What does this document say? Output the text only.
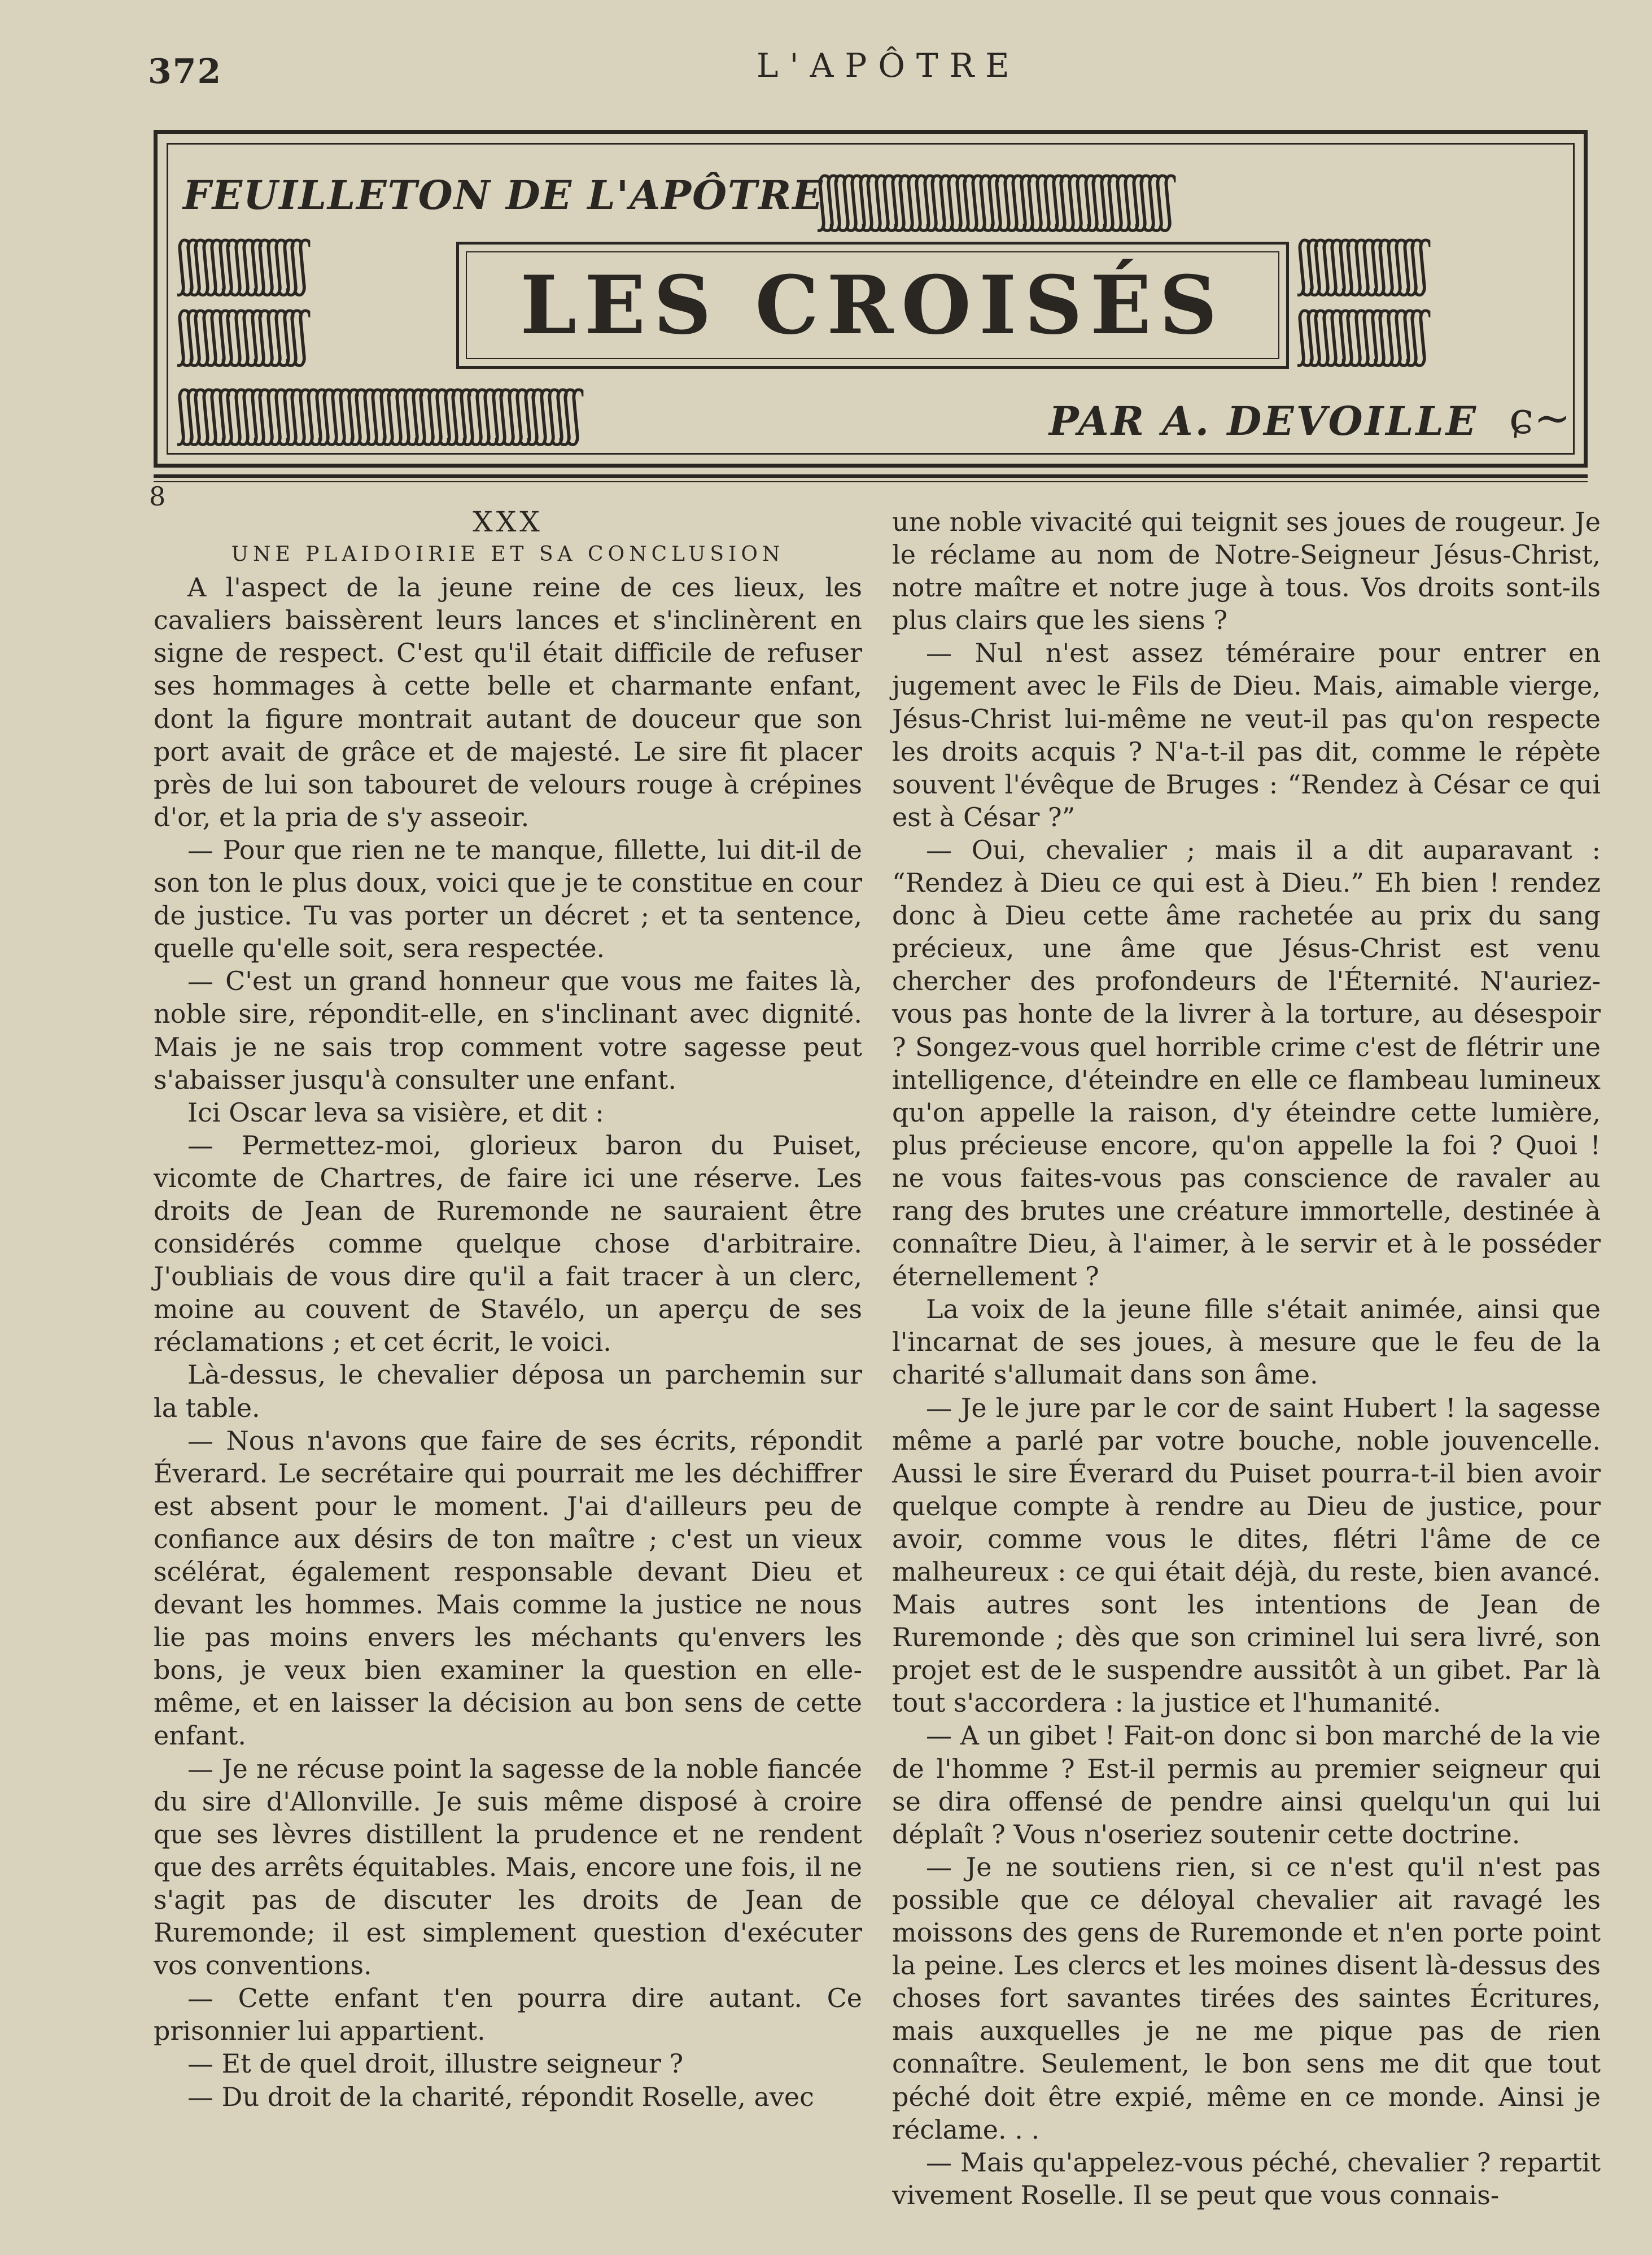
372	L'APÔTRE
FEUILLETON DE L'APÔTRE
ʃʃʃʃʃʃʃʃʃʃʃʃʃʃʃʃʃʃʃʃʃʃʃʃʃʃʃʃʃʃʃʃʃʃʃʃʃʃʃʃʃʃʃʃ
ʃʃʃʃʃʃʃʃʃʃʃʃʃʃʃʃ
ʃʃʃʃʃʃʃʃʃʃʃʃʃʃʃʃ
ʃʃʃʃʃʃʃʃʃʃʃʃʃʃʃʃ
ʃʃʃʃʃʃʃʃʃʃʃʃʃʃʃʃ
ʃʃʃʃʃʃʃʃʃʃʃʃʃʃʃʃʃʃʃʃʃʃʃʃʃʃʃʃʃʃʃʃʃʃʃʃʃʃʃʃʃʃʃʃʃʃʃʃʃʃ
LES CROISÉS
PAR A. DEVOILLE ɕ~
8

XXX

UNE PLAIDOIRIE ET SA CONCLUSION

A l'aspect de la jeune reine de ces lieux, les cavaliers baissèrent leurs lances et s'inclinèrent en signe de respect. C'est qu'il était difficile de refuser ses hommages à cette belle et charmante enfant, dont la figure montrait autant de douceur que son port avait de grâce et de majesté. Le sire fit placer près de lui son tabouret de velours rouge à crépines d'or, et la pria de s'y asseoir.

— Pour que rien ne te manque, fillette, lui dit-il de son ton le plus doux, voici que je te constitue en cour de justice. Tu vas porter un décret ; et ta sentence, quelle qu'elle soit, sera respectée.

— C'est un grand honneur que vous me faites là, noble sire, répondit-elle, en s'inclinant avec dignité. Mais je ne sais trop comment votre sagesse peut s'abaisser jusqu'à consulter une enfant.

Ici Oscar leva sa visière, et dit :

— Permettez-moi, glorieux baron du Puiset, vicomte de Chartres, de faire ici une réserve. Les droits de Jean de Ruremonde ne sauraient être considérés comme quelque chose d'arbitraire. J'oubliais de vous dire qu'il a fait tracer à un clerc, moine au couvent de Stavélo, un aperçu de ses réclamations ; et cet écrit, le voici.

Là-dessus, le chevalier déposa un parchemin sur la table.

— Nous n'avons que faire de ses écrits, répondit Éverard. Le secrétaire qui pourrait me les déchiffrer est absent pour le moment. J'ai d'ailleurs peu de confiance aux désirs de ton maître ; c'est un vieux scélérat, également responsable devant Dieu et devant les hommes. Mais comme la justice ne nous lie pas moins envers les méchants qu'envers les bons, je veux bien examiner la question en elle-même, et en laisser la décision au bon sens de cette enfant.

— Je ne récuse point la sagesse de la noble fiancée du sire d'Allonville. Je suis même disposé à croire que ses lèvres distillent la prudence et ne rendent que des arrêts équitables. Mais, encore une fois, il ne s'agit pas de discuter les droits de Jean de Ruremonde; il est simplement question d'exécuter vos conventions.

— Cette enfant t'en pourra dire autant. Ce prisonnier lui appartient.

— Et de quel droit, illustre seigneur ?

— Du droit de la charité, répondit Roselle, avec

une noble vivacité qui teignit ses joues de rougeur. Je le réclame au nom de Notre-Seigneur Jésus-Christ, notre maître et notre juge à tous. Vos droits sont-ils plus clairs que les siens ?

— Nul n'est assez téméraire pour entrer en jugement avec le Fils de Dieu. Mais, aimable vierge, Jésus-Christ lui-même ne veut-il pas qu'on respecte les droits acquis ? N'a-t-il pas dit, comme le répète souvent l'évêque de Bruges : “Rendez à César ce qui est à César ?”

— Oui, chevalier ; mais il a dit auparavant : “Rendez à Dieu ce qui est à Dieu.” Eh bien ! rendez donc à Dieu cette âme rachetée au prix du sang précieux, une âme que Jésus-Christ est venu chercher des profondeurs de l'Éternité. N'auriez-vous pas honte de la livrer à la torture, au désespoir ? Songez-vous quel horrible crime c'est de flétrir une intelligence, d'éteindre en elle ce flambeau lumineux qu'on appelle la raison, d'y éteindre cette lumière, plus précieuse encore, qu'on appelle la foi ? Quoi ! ne vous faites-vous pas conscience de ravaler au rang des brutes une créature immortelle, destinée à connaître Dieu, à l'aimer, à le servir et à le posséder éternellement ?

La voix de la jeune fille s'était animée, ainsi que l'incarnat de ses joues, à mesure que le feu de la charité s'allumait dans son âme.

— Je le jure par le cor de saint Hubert ! la sagesse même a parlé par votre bouche, noble jouvencelle. Aussi le sire Éverard du Puiset pourra-t-il bien avoir quelque compte à rendre au Dieu de justice, pour avoir, comme vous le dites, flétri l'âme de ce malheureux : ce qui était déjà, du reste, bien avancé. Mais autres sont les intentions de Jean de Ruremonde ; dès que son criminel lui sera livré, son projet est de le suspendre aussitôt à un gibet. Par là tout s'accordera : la justice et l'humanité.

— A un gibet ! Fait-on donc si bon marché de la vie de l'homme ? Est-il permis au premier seigneur qui se dira offensé de pendre ainsi quelqu'un qui lui déplaît ? Vous n'oseriez soutenir cette doctrine.

— Je ne soutiens rien, si ce n'est qu'il n'est pas possible que ce déloyal chevalier ait ravagé les moissons des gens de Ruremonde et n'en porte point la peine. Les clercs et les moines disent là-dessus des choses fort savantes tirées des saintes Écritures, mais auxquelles je ne me pique pas de rien connaître. Seulement, le bon sens me dit que tout péché doit être expié, même en ce monde. Ainsi je réclame. . .

— Mais qu'appelez-vous péché, chevalier ? repartit vivement Roselle. Il se peut que vous connais-
